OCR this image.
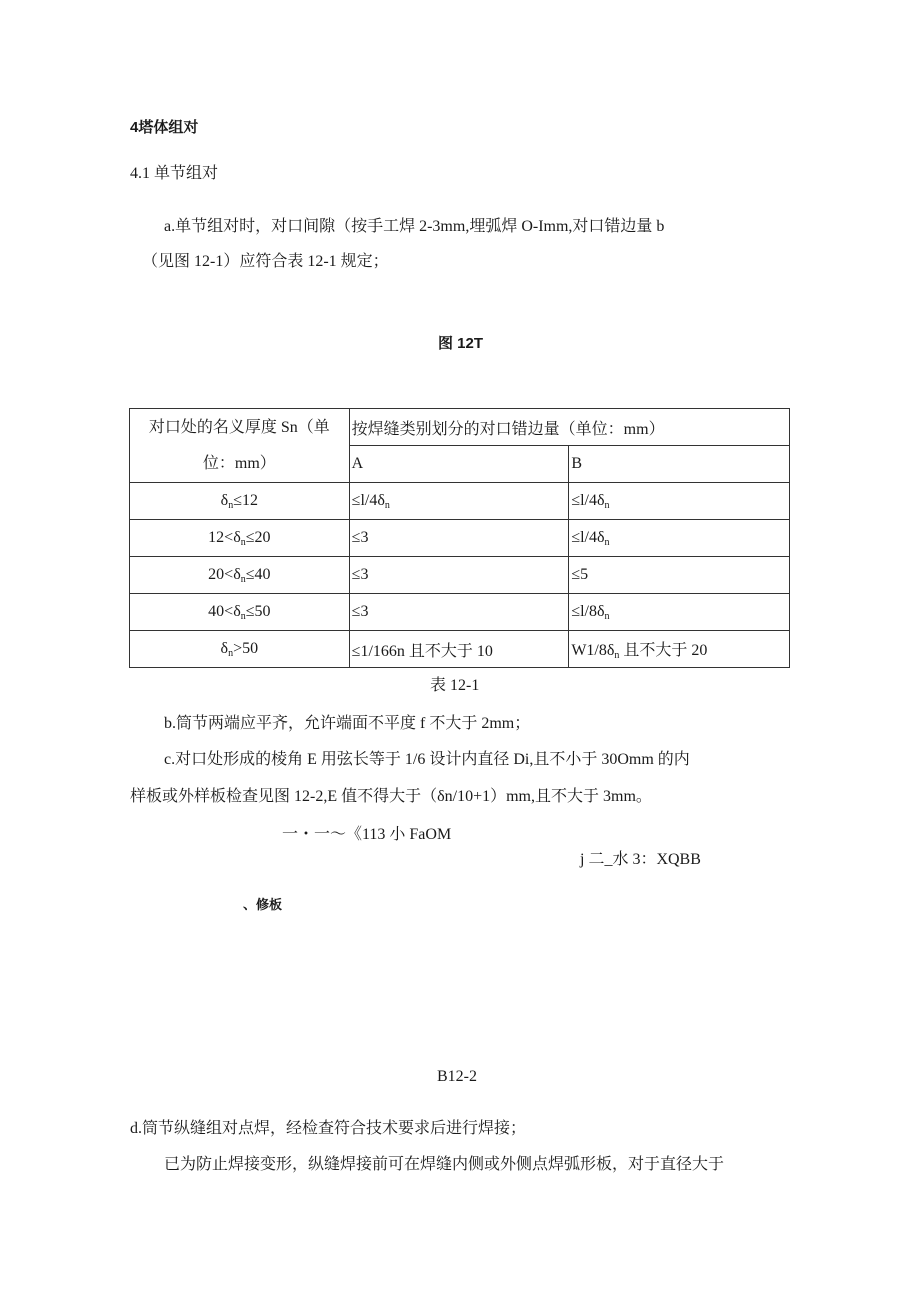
4塔体组对
4.1 单节组对
a.单节组对时，对口间隙（按手工焊 2-3mm,埋弧焊 O-Imm,对口错边量 b
（见图 12-1）应符合表 12-1 规定；
图 12T
对口处的名义厚度 Sn（单
位：mm）	按焊缝类别划分的对口错边量（单位：mm）	
	A	B
$\delta_n\le 12$	$\le l/4\delta_n$	$\le l/4\delta_n$
$12<\delta_n\le 20$	≤3	$\le l/4\delta_n$
$20<\delta_n\le 40$	≤3	≤5
$40<\delta_n\le 50$	≤3	$\le l/8\delta_n$
$\delta_n>50$	≤1/166n 且不大于 10	$W1/8\delta_n$ 且不大于 20
表 12-1
b.筒节两端应平齐，允许端面不平度 f 不大于 2mm；
c.对口处形成的棱角 E 用弦长等于 1/6 设计内直径 Di,且不小于 30Omm 的内
样板或外样板检查见图 12-2,E 值不得大于（δn/10+1）mm,且不大于 3mm。
一・一～《113 小 FaOM
j 二_水 3：XQBB
、修板
B12-2
d.筒节纵缝组对点焊，经检查符合技术要求后进行焊接；
已为防止焊接变形，纵缝焊接前可在焊缝内侧或外侧点焊弧形板，对于直径大于
